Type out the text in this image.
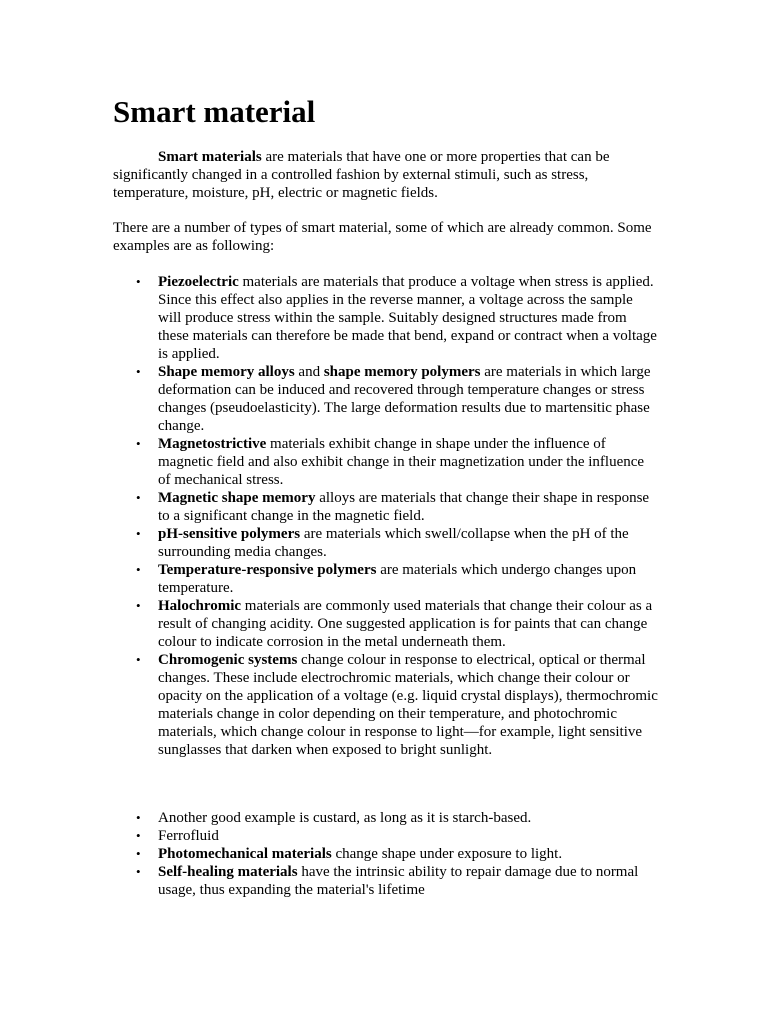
Smart material

Smart materials are materials that have one or more properties that can be significantly changed in a controlled fashion by external stimuli, such as stress, temperature, moisture, pH, electric or magnetic fields.

There are a number of types of smart material, some of which are already common. Some examples are as following:

•	Piezoelectric materials are materials that produce a voltage when stress is applied. Since this effect also applies in the reverse manner, a voltage across the sample will produce stress within the sample. Suitably designed structures made from these materials can therefore be made that bend, expand or contract when a voltage is applied.
•	Shape memory alloys and shape memory polymers are materials in which large deformation can be induced and recovered through temperature changes or stress changes (pseudoelasticity). The large deformation results due to martensitic phase change.
•	Magnetostrictive materials exhibit change in shape under the influence of magnetic field and also exhibit change in their magnetization under the influence of mechanical stress.
•	Magnetic shape memory alloys are materials that change their shape in response to a significant change in the magnetic field.
•	pH-sensitive polymers are materials which swell/collapse when the pH of the surrounding media changes.
•	Temperature-responsive polymers are materials which undergo changes upon temperature.
•	Halochromic materials are commonly used materials that change their colour as a result of changing acidity. One suggested application is for paints that can change colour to indicate corrosion in the metal underneath them.
•	Chromogenic systems change colour in response to electrical, optical or thermal changes. These include electrochromic materials, which change their colour or opacity on the application of a voltage (e.g. liquid crystal displays), thermochromic materials change in color depending on their temperature, and photochromic materials, which change colour in response to light—for example, light sensitive sunglasses that darken when exposed to bright sunlight.
•	Another good example is custard, as long as it is starch-based.
•	Ferrofluid
•	Photomechanical materials change shape under exposure to light.
•	Self-healing materials have the intrinsic ability to repair damage due to normal usage, thus expanding the material's lifetime
